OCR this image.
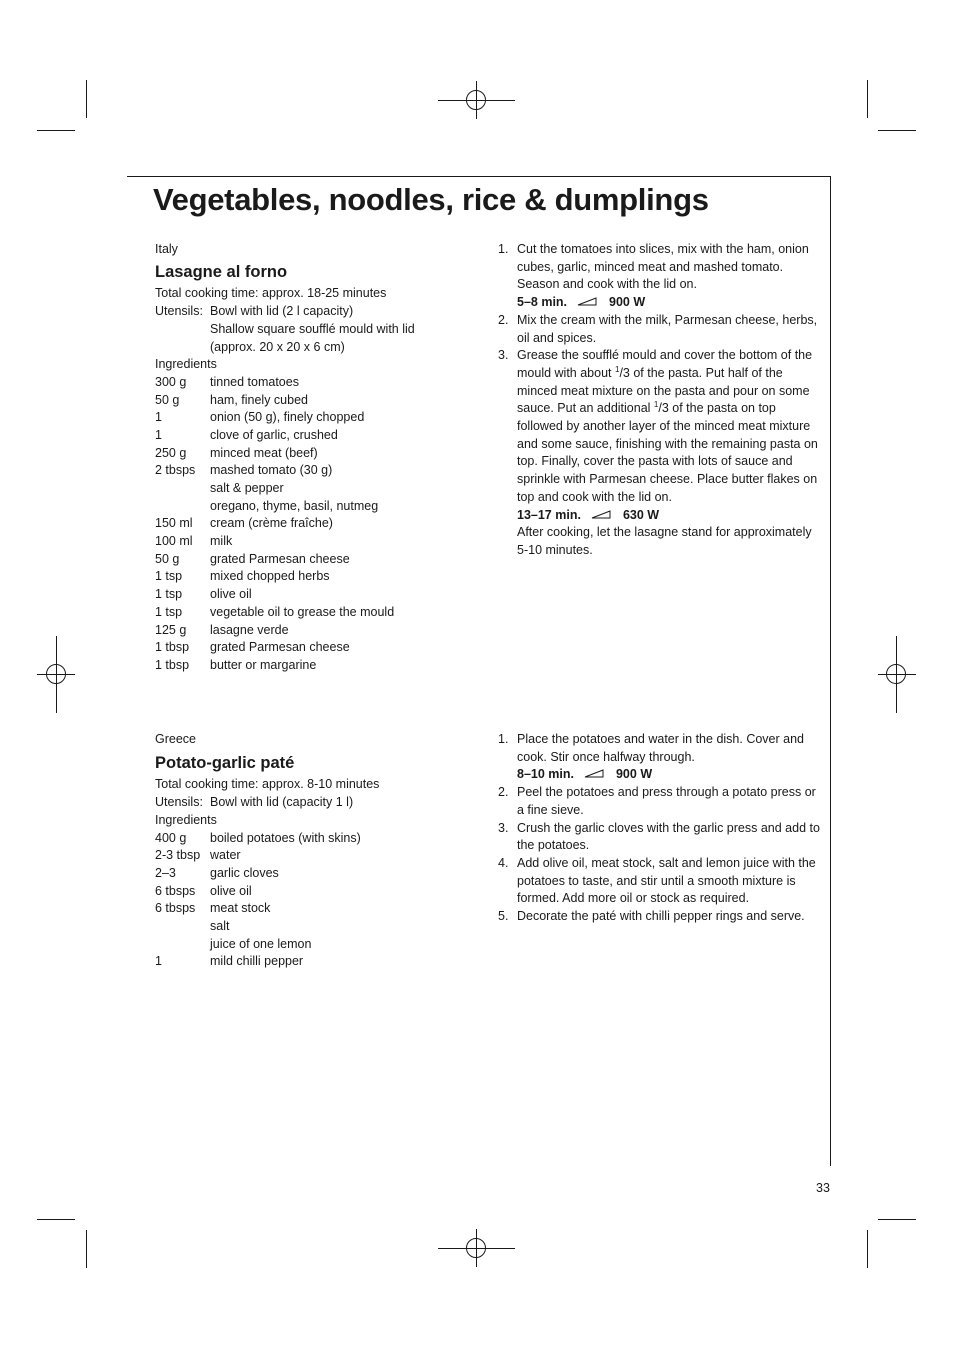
Vegetables, noodles, rice & dumplings
Italy
Lasagne al forno
Total cooking time: approx. 18-25 minutes
Utensils: Bowl with lid (2 l capacity)
Shallow square soufflé mould with lid
(approx. 20 x 20 x 6 cm)
Ingredients
300 g	tinned tomatoes
50 g	ham, finely cubed
1	onion (50 g), finely chopped
1	clove of garlic, crushed
250 g	minced meat (beef)
2 tbsps	mashed tomato (30 g)
salt & pepper
oregano, thyme, basil, nutmeg
150 ml	cream (crème fraîche)
100 ml	milk
50 g	grated Parmesan cheese
1 tsp	mixed chopped herbs
1 tsp	olive oil
1 tsp	vegetable oil to grease the mould
125 g	lasagne verde
1 tbsp	grated Parmesan cheese
1 tbsp	butter or margarine
1. Cut the tomatoes into slices, mix with the ham, onion cubes, garlic, minced meat and mashed tomato. Season and cook with the lid on.
5–8 min.	900 W
2. Mix the cream with the milk, Parmesan cheese, herbs, oil and spices.
3. Grease the soufflé mould and cover the bottom of the mould with about $^1$/3 of the pasta. Put half of the minced meat mixture on the pasta and pour on some sauce. Put an additional $^1$/3 of the pasta on top followed by another layer of the minced meat mixture and some sauce, finishing with the remaining pasta on top. Finally, cover the pasta with lots of sauce and sprinkle with Parmesan cheese. Place butter flakes on top and cook with the lid on.
13–17 min.	630 W
After cooking, let the lasagne stand for approximately 5-10 minutes.
Greece
Potato-garlic paté
Total cooking time: approx. 8-10 minutes
Utensils: Bowl with lid (capacity 1 l)
Ingredients
400 g	boiled potatoes (with skins)
2-3 tbsp water
2–3	garlic cloves
6 tbsps	olive oil
6 tbsps	meat stock
salt
juice of one lemon
1	mild chilli pepper
1. Place the potatoes and water in the dish. Cover and cook. Stir once halfway through.
8–10 min.	900 W
2. Peel the potatoes and press through a potato press or a fine sieve.
3. Crush the garlic cloves with the garlic press and add to the potatoes.
4. Add olive oil, meat stock, salt and lemon juice with the potatoes to taste, and stir until a smooth mixture is formed. Add more oil or stock as required.
5. Decorate the paté with chilli pepper rings and serve.
33
